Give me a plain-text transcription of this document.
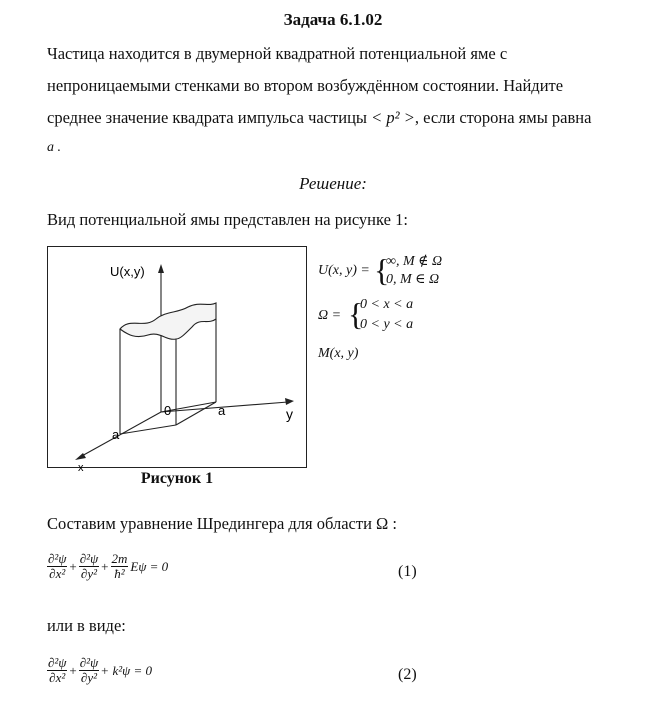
Задача 6.1.02
Частица находится в двумерной квадратной потенциальной яме с
непроницаемыми стенками во втором возбуждённом состоянии. Найдите
среднее значение квадрата импульса частицы < p² >, если сторона ямы равна
a .
Решение:
Вид потенциальной ямы представлен на рисунке 1:
U(x,y)
0	a	y
a
x
Рисунок 1
U(x, y) = {
∞, M ∉ Ω
0, M ∈ Ω
Ω = {
0 < x < a
0 < y < a
M(x, y)
Составим уравнение Шредингера для области Ω :
$\frac{\text{∂²ψ}}{\text{∂x²}} + \frac{\text{∂²ψ}}{\text{∂y²}} + \frac{2m}{\text{ħ²}}$ Eψ = 0	(1)
или в виде:
$\frac{\text{∂²ψ}}{\text{∂x²}} + \frac{\text{∂²ψ}}{\text{∂y²}} + k^2\psi = 0$	(2)
